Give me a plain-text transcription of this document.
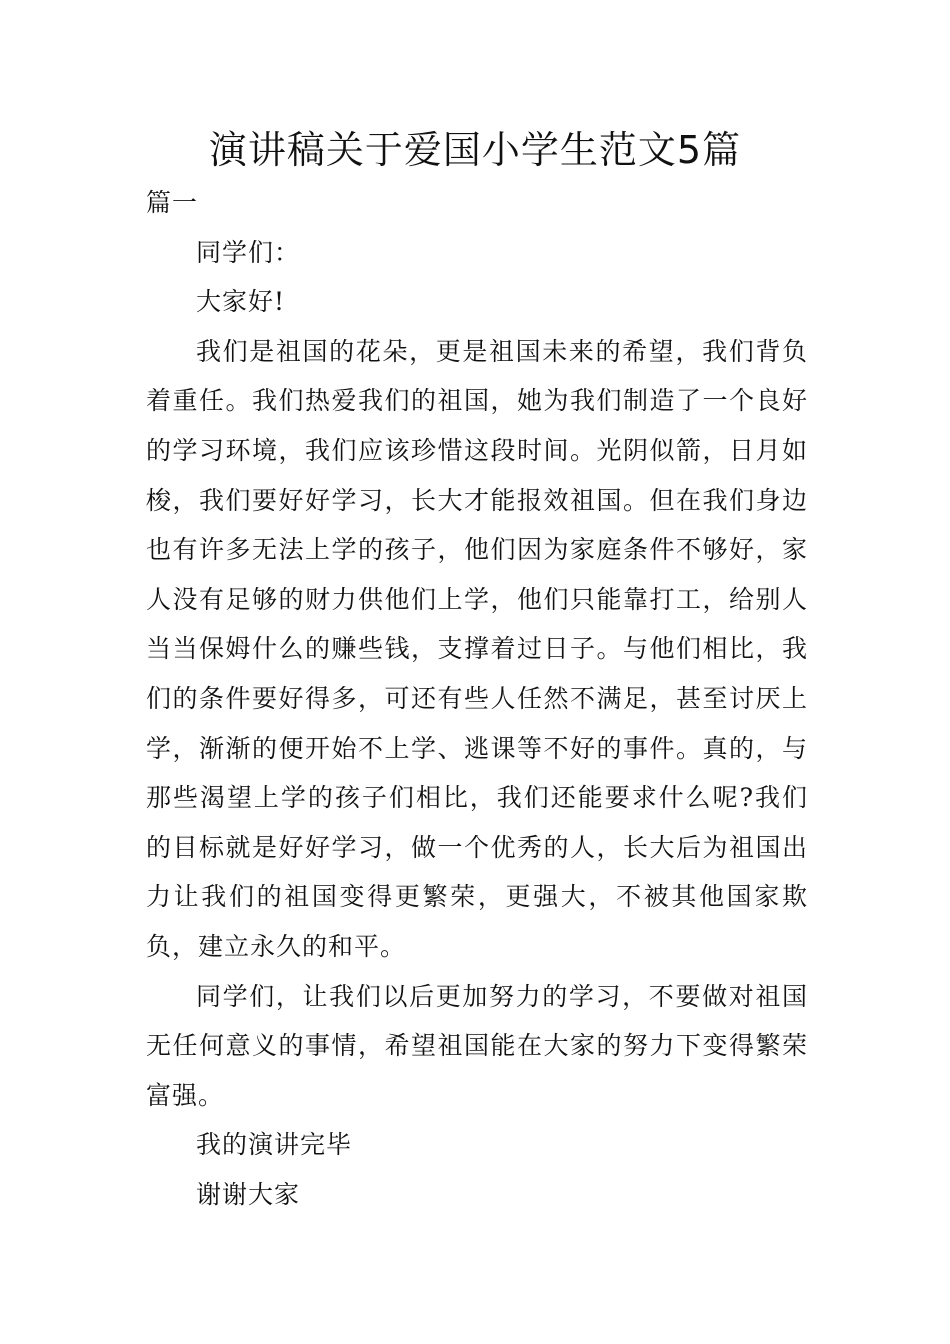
演讲稿关于爱国小学生范文5篇

篇一

同学们：

大家好!

我们是祖国的花朵，更是祖国未来的希望，我们背负着重任。我们热爱我们的祖国，她为我们制造了一个良好的学习环境，我们应该珍惜这段时间。光阴似箭，日月如梭，我们要好好学习，长大才能报效祖国。但在我们身边也有许多无法上学的孩子，他们因为家庭条件不够好，家人没有足够的财力供他们上学，他们只能靠打工，给别人当当保姆什么的赚些钱，支撑着过日子。与他们相比，我们的条件要好得多，可还有些人任然不满足，甚至讨厌上学，渐渐的便开始不上学、逃课等不好的事件。真的，与那些渴望上学的孩子们相比，我们还能要求什么呢?我们的目标就是好好学习，做一个优秀的人，长大后为祖国出力让我们的祖国变得更繁荣，更强大，不被其他国家欺负，建立永久的和平。

同学们，让我们以后更加努力的学习，不要做对祖国无任何意义的事情，希望祖国能在大家的努力下变得繁荣富强。

我的演讲完毕

谢谢大家
